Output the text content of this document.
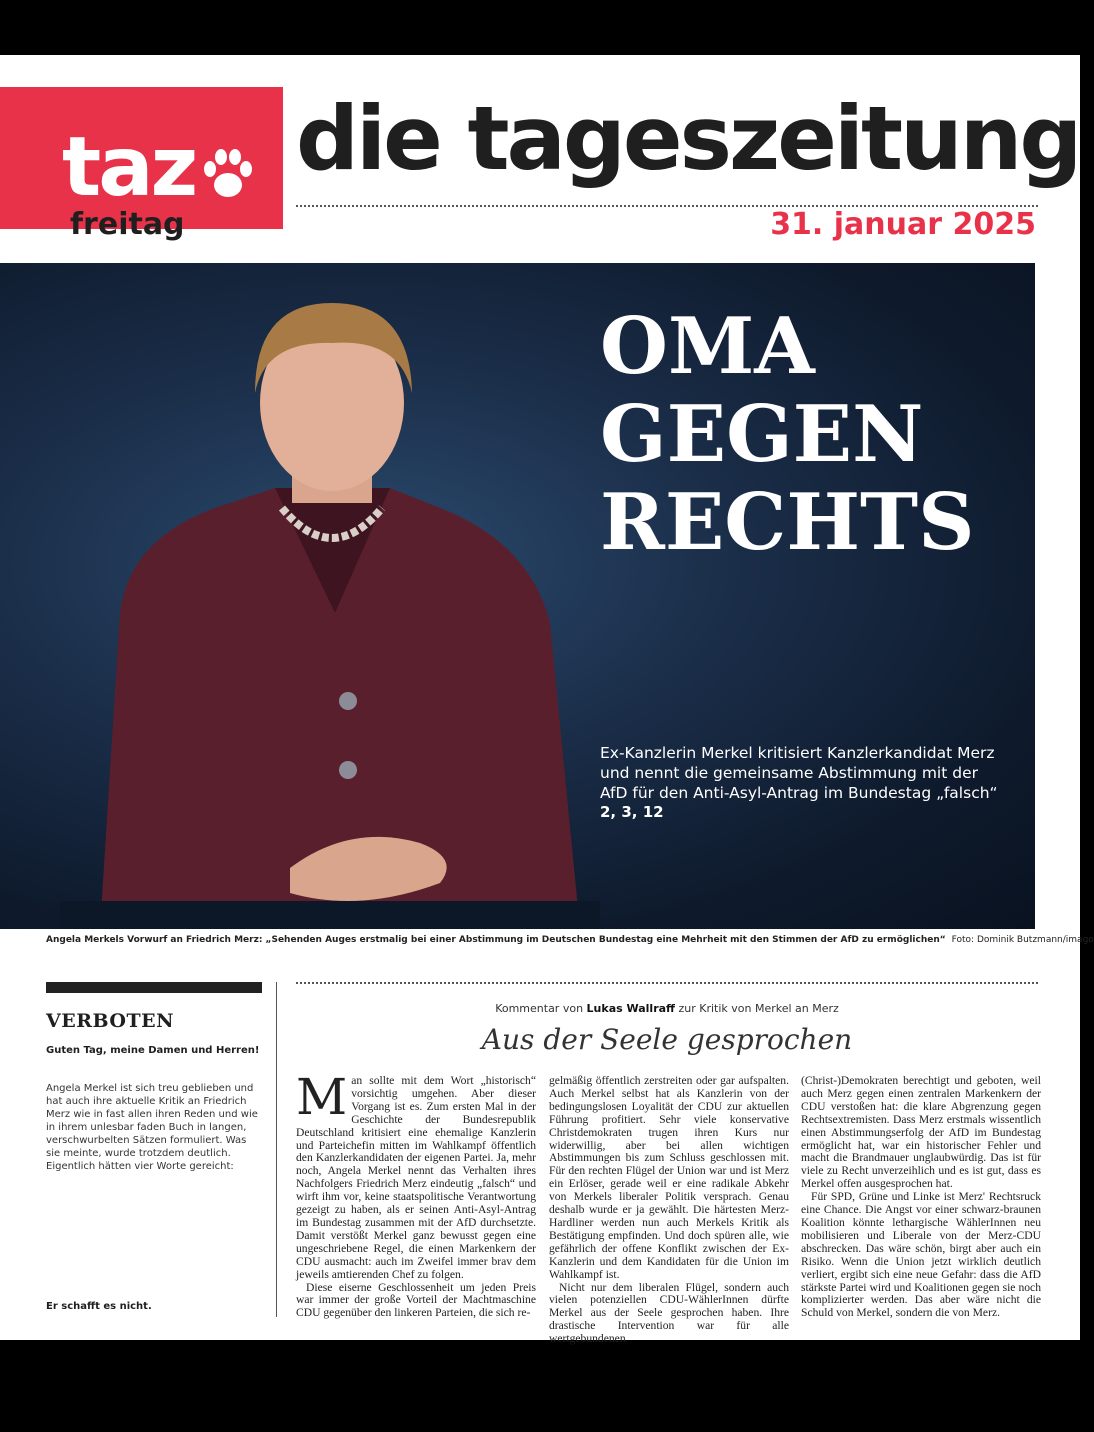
taz die tageszeitung
freitag	31. januar 2025
OMA
GEGEN
RECHTS
Ex-Kanzlerin Merkel kritisiert Kanzlerkandidat Merz und nennt die gemeinsame Abstimmung mit der AfD für den Anti-Asyl-Antrag im Bundestag „falsch“
2, 3, 12
Angela Merkels Vorwurf an Friedrich Merz: „Sehenden Auges erstmalig bei einer Abstimmung im Deutschen Bundestag eine Mehrheit mit den Stimmen der AfD zu ermöglichen“ Foto: Dominik Butzmann/imago
VERBOTEN
Guten Tag, meine Damen und Herren!
Angela Merkel ist sich treu geblieben und hat auch ihre aktuelle Kritik an Friedrich Merz wie in fast allen ihren Reden und wie in ihrem unlesbar faden Buch in langen, verschwurbelten Sätzen formuliert. Was sie meinte, wurde trotzdem deutlich. Eigentlich hätten vier Worte gereicht:
Er schafft es nicht.
Kommentar von Lukas Wallraff zur Kritik von Merkel an Merz
Aus der Seele gesprochen
M an sollte mit dem Wort „historisch“ vorsichtig umgehen. Aber dieser Vorgang ist es. Zum ersten Mal in der Geschichte der Bundesrepublik Deutschland kritisiert eine ehemalige Kanzlerin und Parteichefin mitten im Wahlkampf öffentlich den Kanzlerkandidaten der eigenen Partei. Ja, mehr noch, Angela Merkel nennt das Verhalten ihres Nachfolgers Friedrich Merz eindeutig „falsch“ und wirft ihm vor, keine staatspolitische Verantwortung gezeigt zu haben, als er seinen Anti-Asyl-Antrag im Bundestag zusammen mit der AfD durchsetzte. Damit verstößt Merkel ganz bewusst gegen eine ungeschriebene Regel, die einen Markenkern der CDU ausmacht: auch im Zweifel immer brav dem jeweils amtierenden Chef zu folgen.

Diese eiserne Geschlossenheit um jeden Preis war immer der große Vorteil der Machtmaschine CDU gegenüber den linkeren Parteien, die sich re-

gelmäßig öffentlich zerstreiten oder gar aufspalten. Auch Merkel selbst hat als Kanzlerin von der bedingungslosen Loyalität der CDU zur aktuellen Führung profitiert. Sehr viele konservative Christdemokraten trugen ihren Kurs nur widerwillig, aber bei allen wichtigen Abstimmungen bis zum Schluss geschlossen mit. Für den rechten Flügel der Union war und ist Merz ein Erlöser, gerade weil er eine radikale Abkehr von Merkels liberaler Politik versprach. Genau deshalb wurde er ja gewählt. Die härtesten Merz-Hardliner werden nun auch Merkels Kritik als Bestätigung empfinden. Und doch spüren alle, wie gefährlich der offene Konflikt zwischen der Ex-Kanzlerin und dem Kandidaten für die Union im Wahlkampf ist.

Nicht nur dem liberalen Flügel, sondern auch vielen potenziellen CDU-WählerInnen dürfte Merkel aus der Seele gesprochen haben. Ihre drastische Intervention war für alle wertgebundenen

(Christ-)Demokraten berechtigt und geboten, weil auch Merz gegen einen zentralen Markenkern der CDU verstoßen hat: die klare Abgrenzung gegen Rechtsextremisten. Dass Merz erstmals wissentlich einen Abstimmungserfolg der AfD im Bundestag ermöglicht hat, war ein historischer Fehler und macht die Brandmauer unglaubwürdig. Das ist für viele zu Recht unverzeihlich und es ist gut, dass es Merkel offen ausgesprochen hat.

Für SPD, Grüne und Linke ist Merz' Rechtsruck eine Chance. Die Angst vor einer schwarz-braunen Koalition könnte lethargische WählerInnen neu mobilisieren und Liberale von der Merz-CDU abschrecken. Das wäre schön, birgt aber auch ein Risiko. Wenn die Union jetzt wirklich deutlich verliert, ergibt sich eine neue Gefahr: dass die AfD stärkste Partei wird und Koalitionen gegen sie noch komplizierter werden. Das aber wäre nicht die Schuld von Merkel, sondern die von Merz.
